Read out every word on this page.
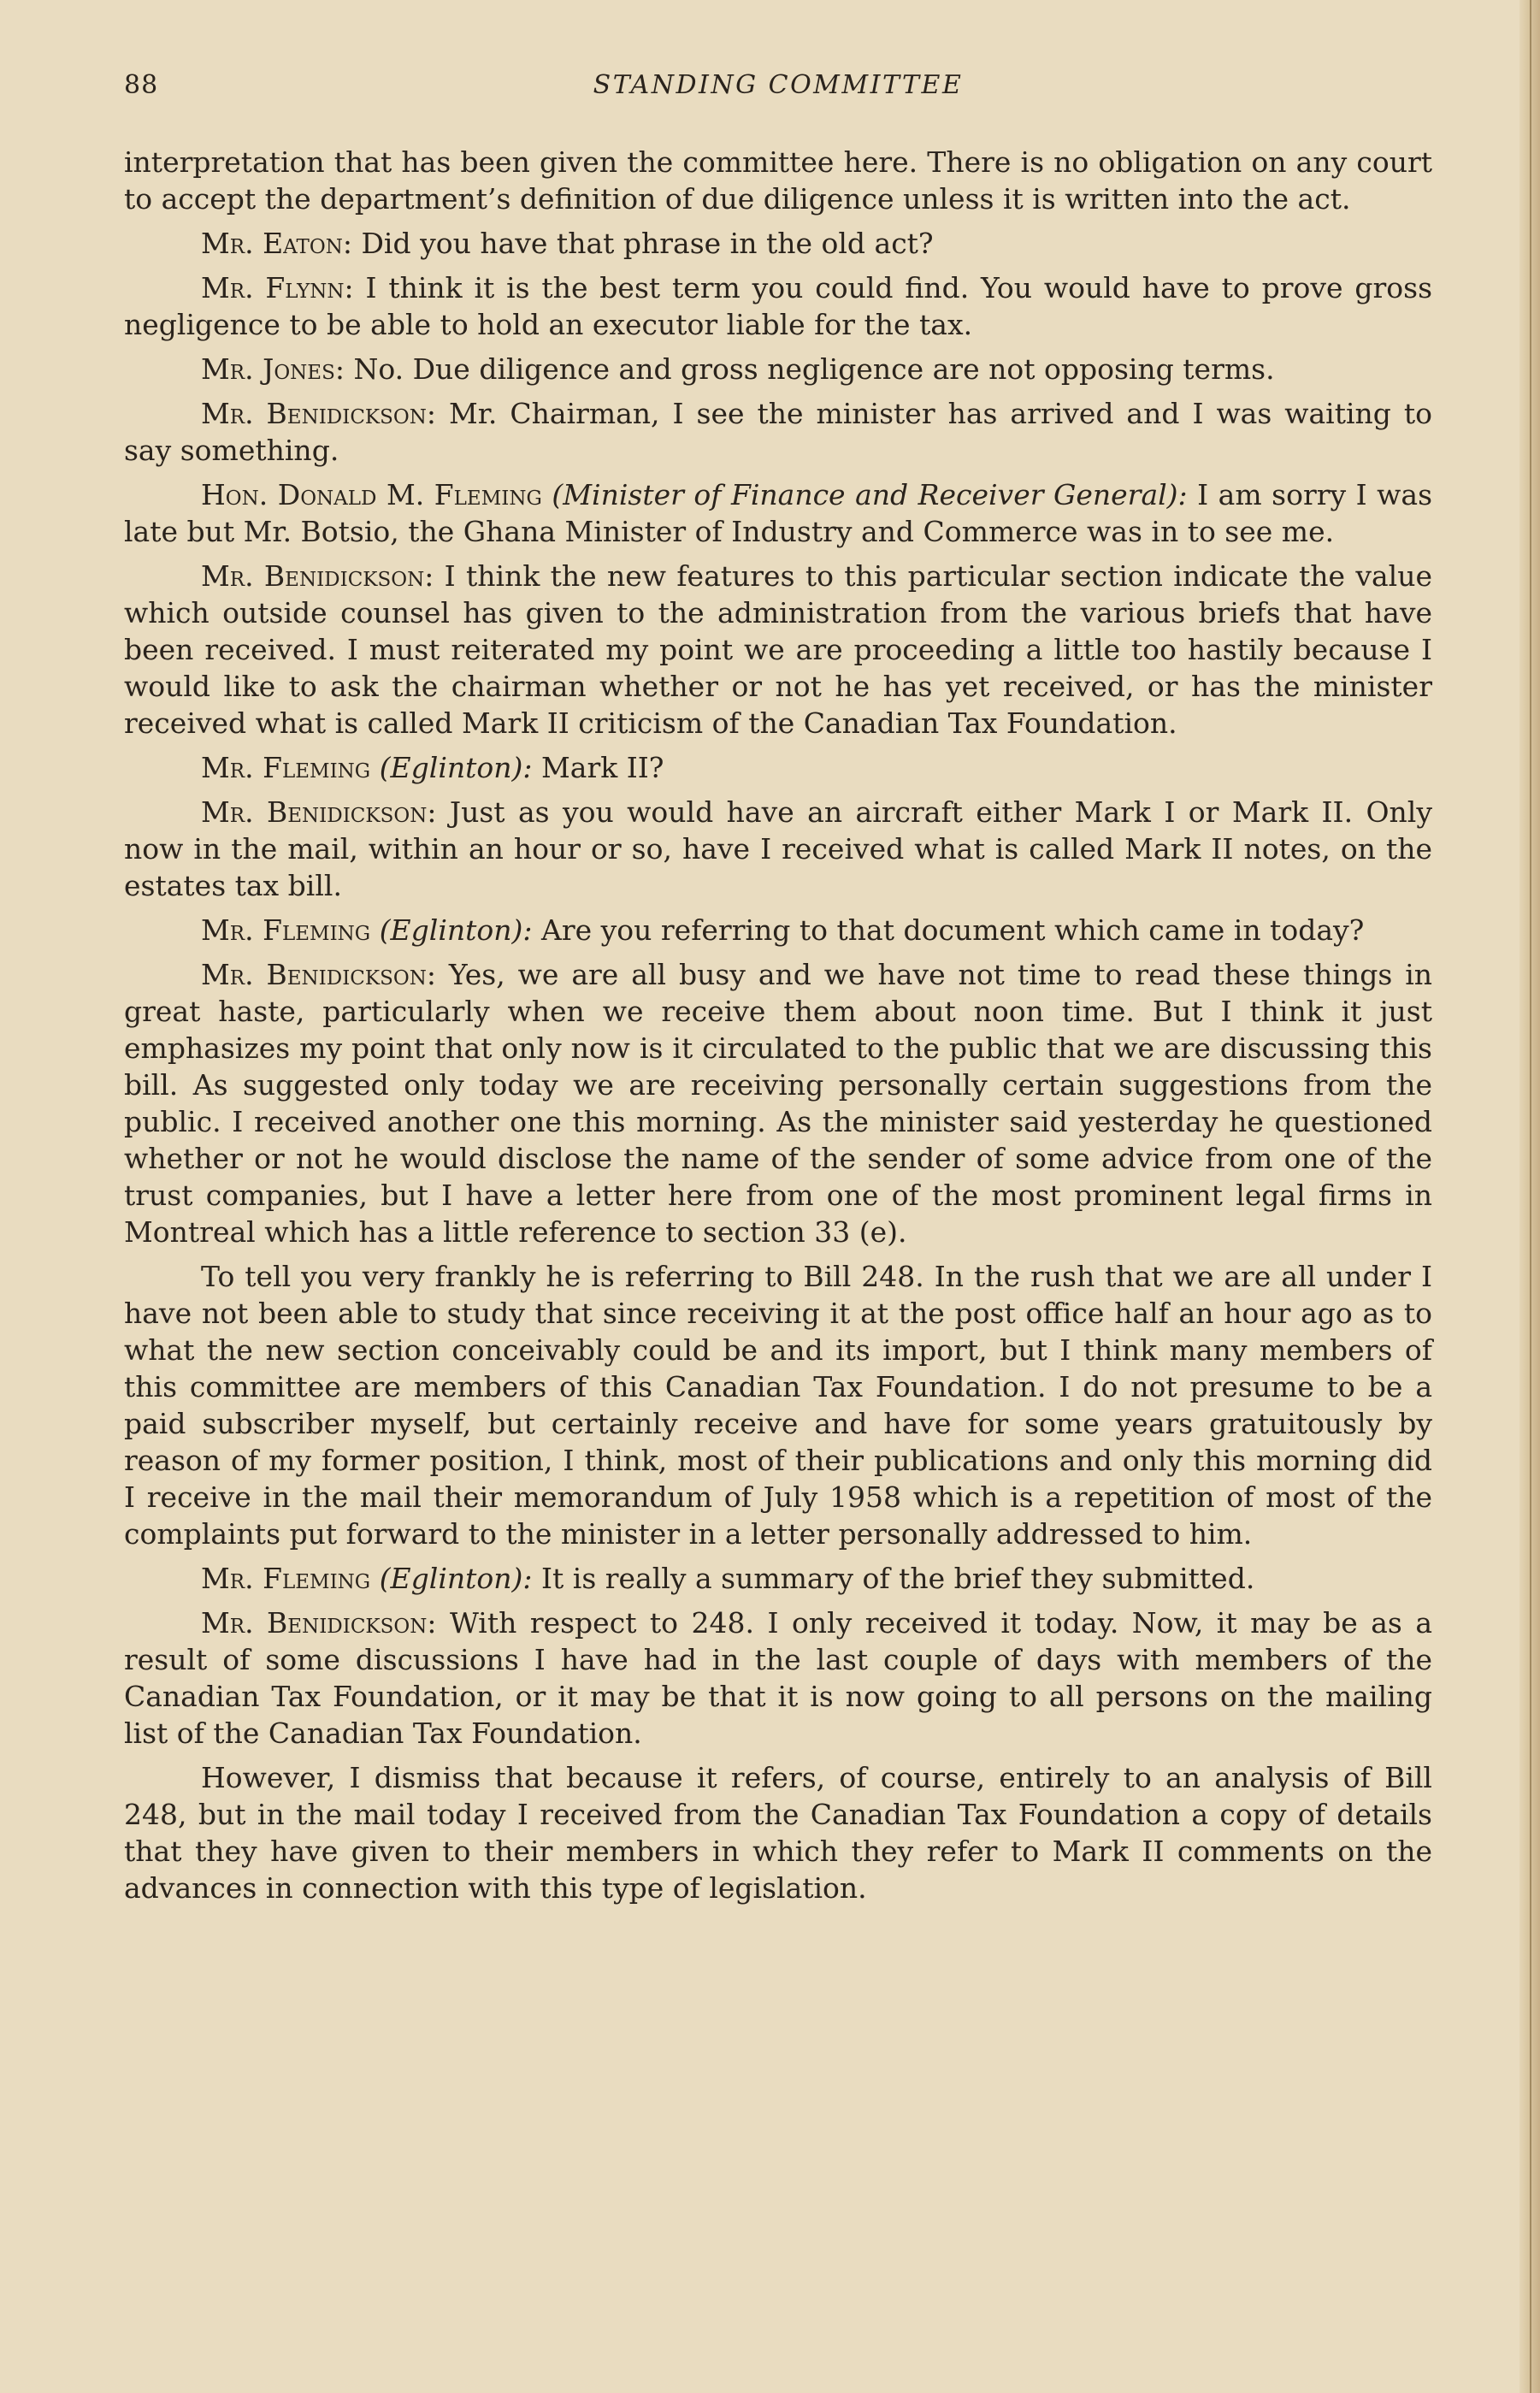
88	STANDING COMMITTEE

interpretation that has been given the committee here. There is no obligation on any court to accept the department’s definition of due diligence unless it is written into the act.

Mr. Eaton: Did you have that phrase in the old act?

Mr. Flynn: I think it is the best term you could find. You would have to prove gross negligence to be able to hold an executor liable for the tax.

Mr. Jones: No. Due diligence and gross negligence are not opposing terms.

Mr. Benidickson: Mr. Chairman, I see the minister has arrived and I was waiting to say something.

Hon. Donald M. Fleming (Minister of Finance and Receiver General): I am sorry I was late but Mr. Botsio, the Ghana Minister of Industry and Commerce was in to see me.

Mr. Benidickson: I think the new features to this particular section indicate the value which outside counsel has given to the administration from the various briefs that have been received. I must reiterated my point we are proceeding a little too hastily because I would like to ask the chairman whether or not he has yet received, or has the minister received what is called Mark II criticism of the Canadian Tax Foundation.

Mr. Fleming (Eglinton): Mark II?

Mr. Benidickson: Just as you would have an aircraft either Mark I or Mark II. Only now in the mail, within an hour or so, have I received what is called Mark II notes, on the estates tax bill.

Mr. Fleming (Eglinton): Are you referring to that document which came in today?

Mr. Benidickson: Yes, we are all busy and we have not time to read these things in great haste, particularly when we receive them about noon time. But I think it just emphasizes my point that only now is it circulated to the public that we are discussing this bill. As suggested only today we are receiving personally certain suggestions from the public. I received another one this morning. As the minister said yesterday he questioned whether or not he would disclose the name of the sender of some advice from one of the trust companies, but I have a letter here from one of the most prominent legal firms in Montreal which has a little reference to section 33 (e).

To tell you very frankly he is referring to Bill 248. In the rush that we are all under I have not been able to study that since receiving it at the post office half an hour ago as to what the new section conceivably could be and its import, but I think many members of this committee are members of this Canadian Tax Foundation. I do not presume to be a paid subscriber myself, but certainly receive and have for some years gratuitously by reason of my former position, I think, most of their publications and only this morning did I receive in the mail their memorandum of July 1958 which is a repetition of most of the complaints put forward to the minister in a letter personally addressed to him.

Mr. Fleming (Eglinton): It is really a summary of the brief they submitted.

Mr. Benidickson: With respect to 248. I only received it today. Now, it may be as a result of some discussions I have had in the last couple of days with members of the Canadian Tax Foundation, or it may be that it is now going to all persons on the mailing list of the Canadian Tax Foundation.

However, I dismiss that because it refers, of course, entirely to an analysis of Bill 248, but in the mail today I received from the Canadian Tax Foundation a copy of details that they have given to their members in which they refer to Mark II comments on the advances in connection with this type of legislation.
